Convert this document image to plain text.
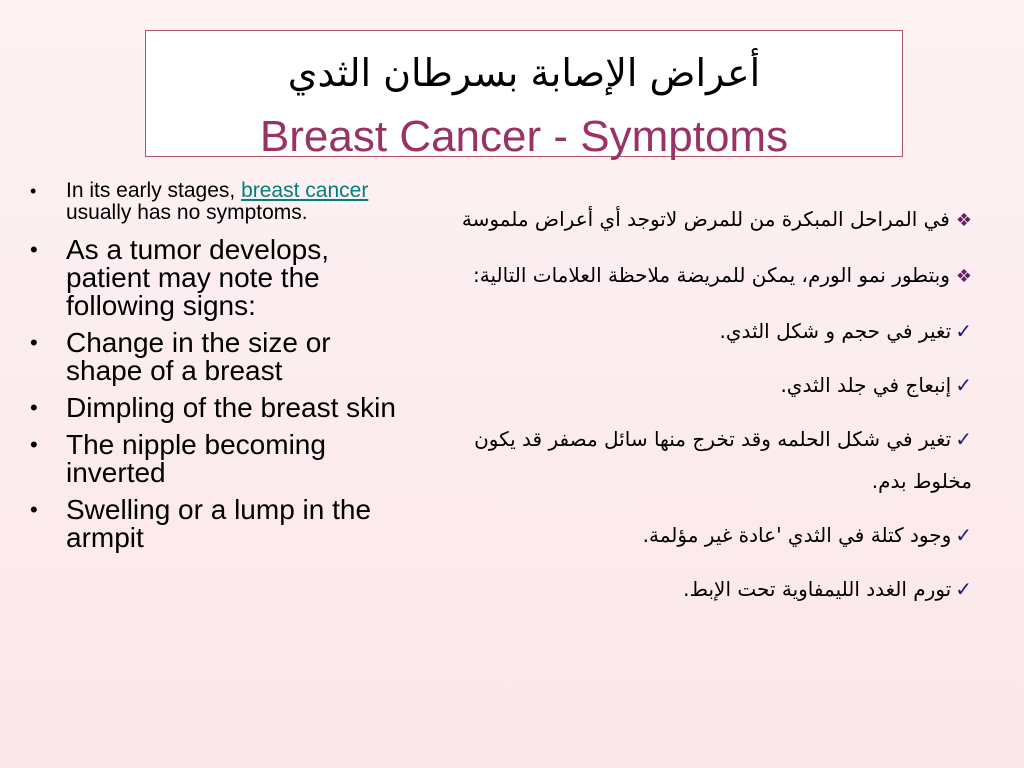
أعراض الإصابة بسرطان الثدي
Breast Cancer - Symptoms
• In its early stages, breast cancer usually has no symptoms.
• As a tumor develops, patient may note the following signs:
• Change in the size or shape of a breast
• Dimpling of the breast skin
• The nipple becoming inverted
• Swelling or a lump in the armpit
❖في المراحل المبكرة من للمرض لاتوجد أي أعراض ملموسة
❖وبتطور نمو الورم، يمكن للمريضة ملاحظة العلامات التالية:
✓تغير في حجم و شكل الثدي.
✓إنبعاج في جلد الثدي.
✓تغير في شكل الحلمه وقد تخرج منها سائل مصفر قد يكون مخلوط بدم.
✓وجود كتلة في الثدي 'عادة غير مؤلمة.
✓تورم الغدد الليمفاوية تحت الإبط.
